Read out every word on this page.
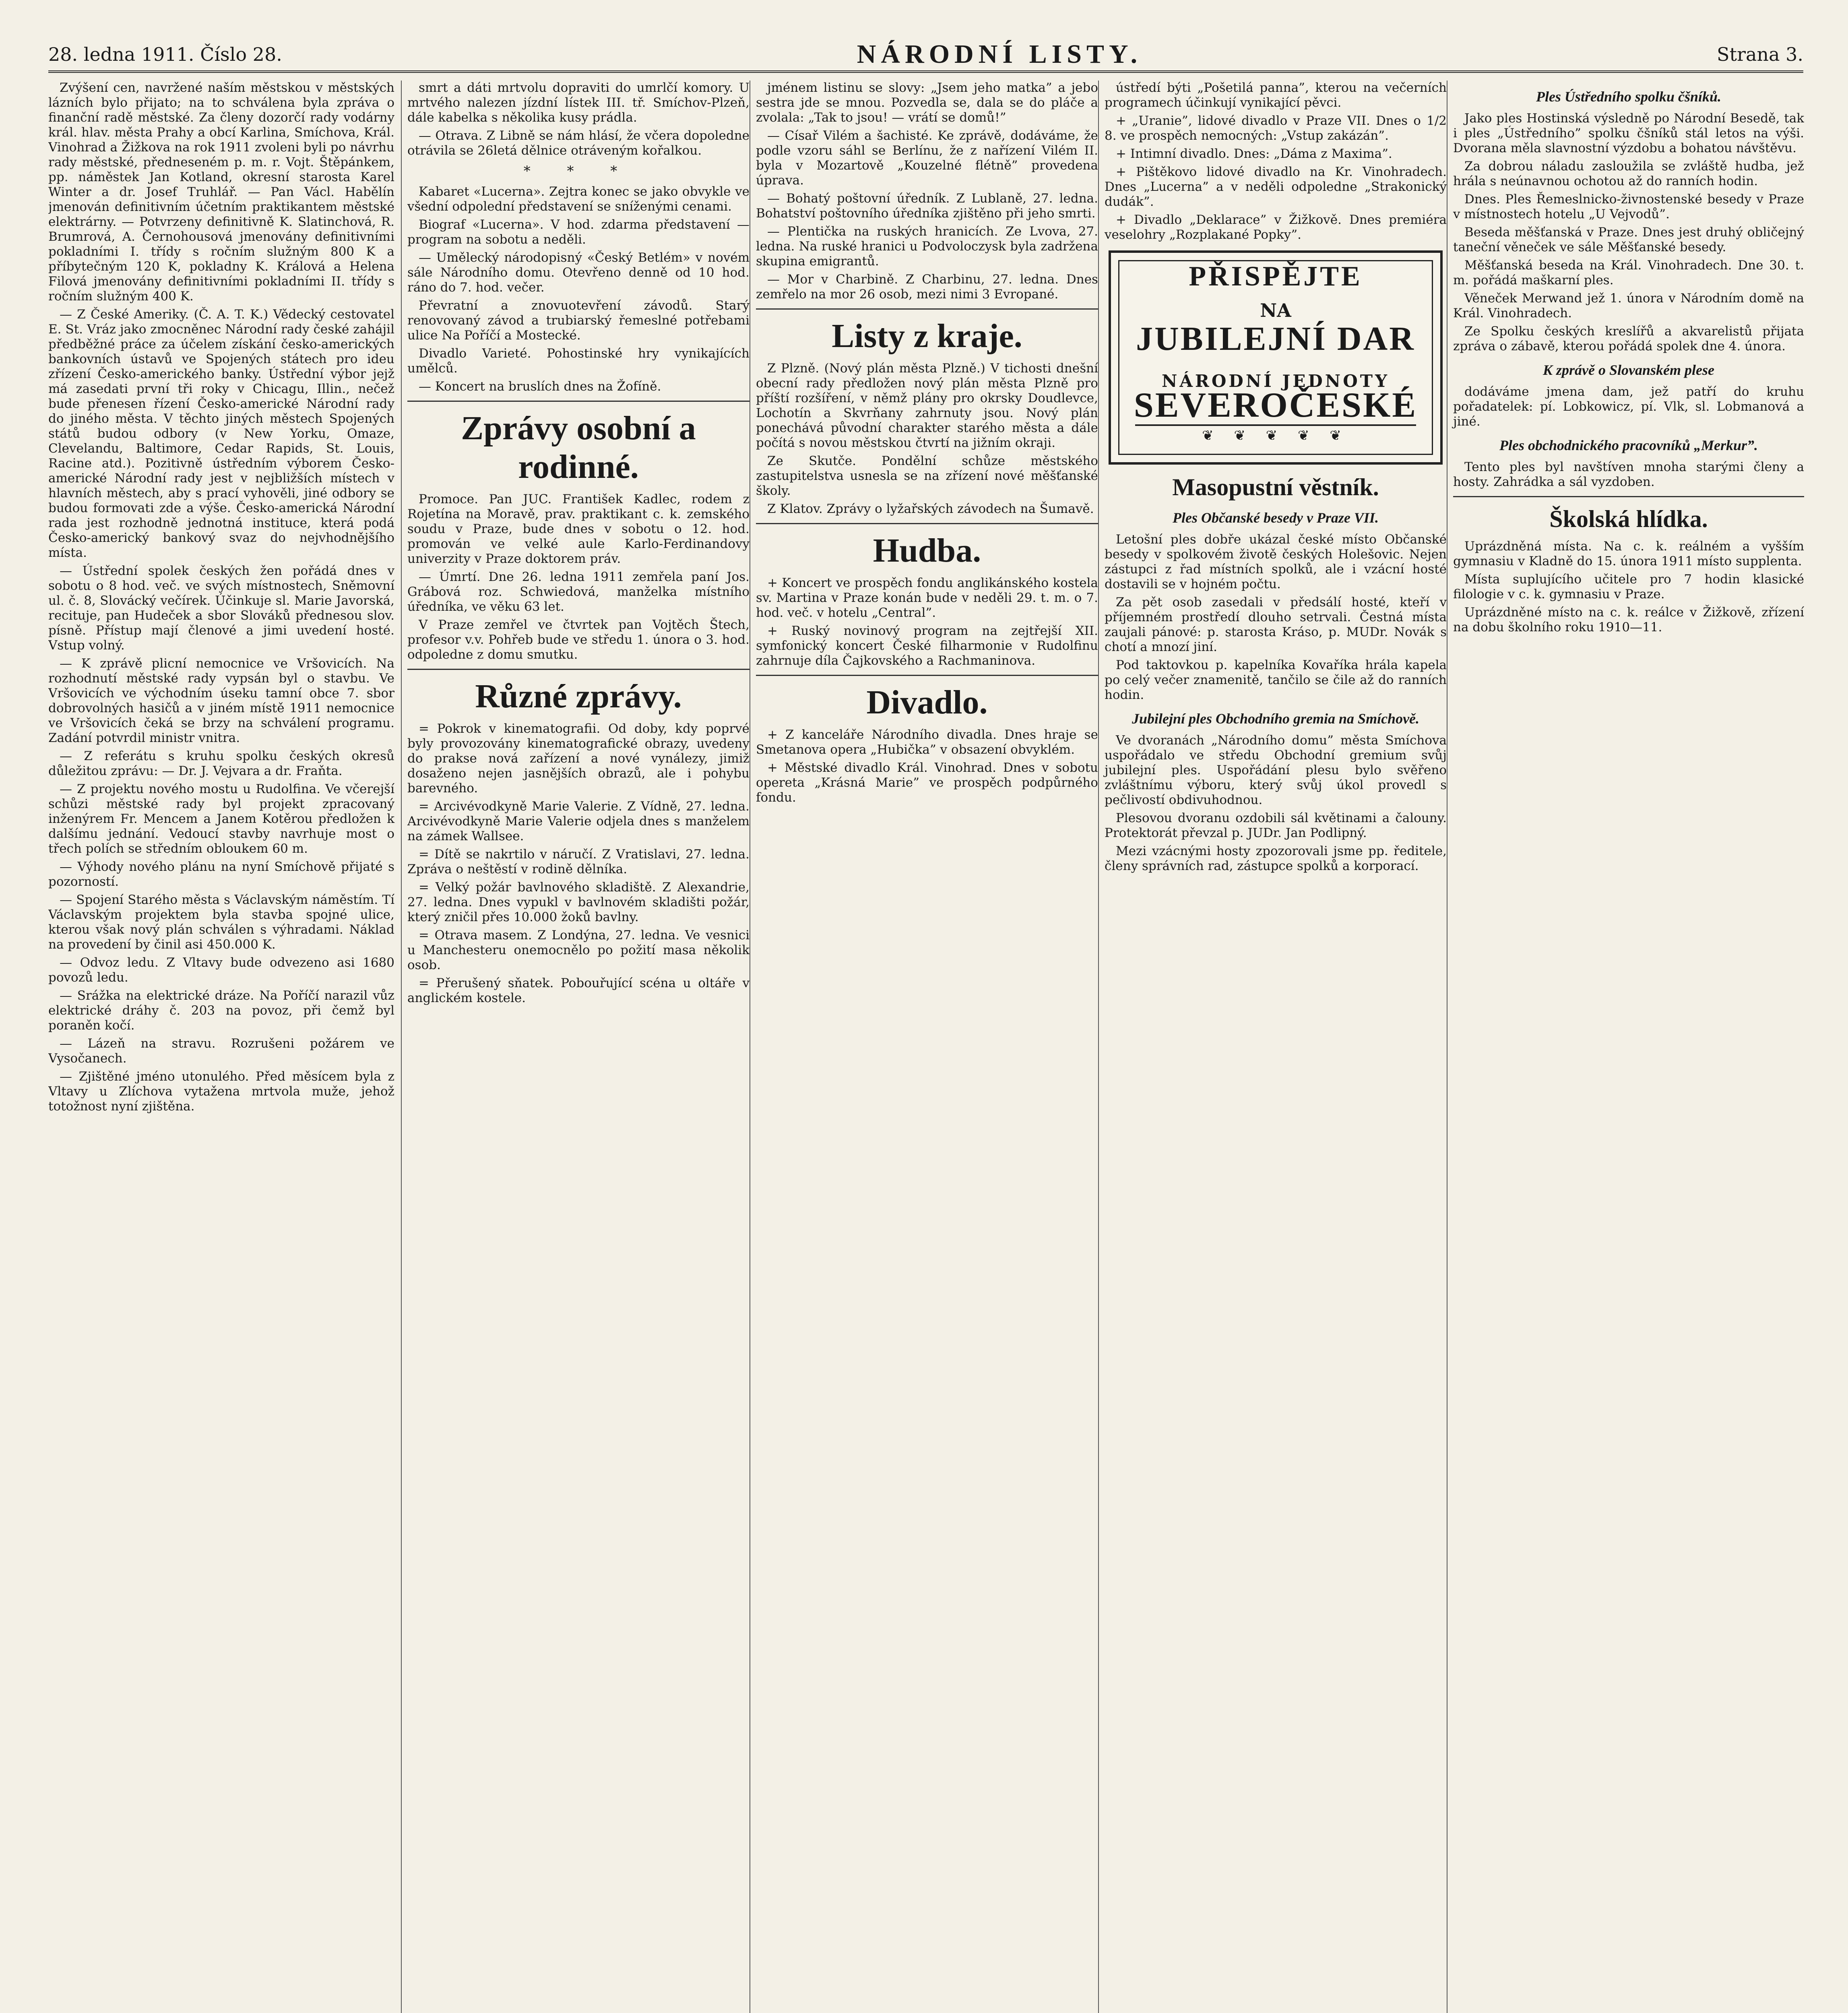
28. ledna 1911. Číslo 28.	NÁRODNÍ LISTY.	Strana 3.

Zvýšení cen, navržené naším městskou v městských lázních bylo přijato; na to schválena byla zpráva o finanční radě městské. Za členy dozorčí rady vodárny král. hlav. města Prahy a obcí Karlina, Smíchova, Král. Vinohrad a Žižkova na rok 1911 zvoleni byli po návrhu rady městské, předneseném p. m. r. Vojt. Štěpánkem, pp. náměstek Jan Kotland, okresní starosta Karel Winter a dr. Josef Truhlář. — Pan Václ. Habělín jmenován definitivním účetním praktikantem městské elektrárny. — Potvrzeny definitivně K. Slatinchová, R. Brumrová, A. Černohousová jmenovány definitivními pokladními I. třídy s ročním služným 800 K a příbytečným 120 K, pokladny K. Králová a Helena Filová jmenovány definitivními pokladními II. třídy s ročním služným 400 K.

— Z České Ameriky. (Č. A. T. K.) Vědecký cestovatel E. St. Vráz jako zmocněnec Národní rady české zahájil předběžné práce za účelem získání česko-amerických bankovních ústavů ve Spojených státech pro ideu zřízení Česko-amerického banky. Ústřední výbor jejž má zasedati první tři roky v Chicagu, Illin., nečež bude přenesen řízení Česko-americké Národní rady do jiného města. V těchto jiných městech Spojených států budou odbory (v New Yorku, Omaze, Clevelandu, Baltimore, Cedar Rapids, St. Louis, Racine atd.). Pozitivně ústředním výborem Česko-americké Národní rady jest v nejbližších místech v hlavních městech, aby s prací vyhověli, jiné odbory se budou formovati zde a výše. Česko-americká Národní rada jest rozhodně jednotná instituce, která podá Česko-americký bankový svaz do nejvhodnějšího místa.

— Ústřední spolek českých žen pořádá dnes v sobotu o 8 hod. več. ve svých místnostech, Sněmovní ul. č. 8, Slovácký večírek. Účinkuje sl. Marie Javorská, recituje, pan Hudeček a sbor Slováků přednesou slov. písně. Přístup mají členové a jimi uvedení hosté. Vstup volný.

— K zprávě plicní nemocnice ve Vršovicích. Na rozhodnutí městské rady vypsán byl o stavbu. Ve Vršovicích ve východním úseku tamní obce 7. sbor dobrovolných hasičů a v jiném místě 1911 nemocnice ve Vršovicích čeká se brzy na schválení programu. Zadání potvrdil ministr vnitra.

— Z referátu s kruhu spolku českých okresů důležitou zprávu: — Dr. J. Vejvara a dr. Fraňta.

— Z projektu nového mostu u Rudolfina. Ve včerejší schůzi městské rady byl projekt zpracovaný inženýrem Fr. Mencem a Janem Kotěrou předložen k dalšímu jednání. Vedoucí stavby navrhuje most o třech polích se středním obloukem 60 m.

— Výhody nového plánu na nyní Smíchově přijaté s pozorností.

— Spojení Starého města s Václavským náměstím. Tí Václavským projektem byla stavba spojné ulice, kterou však nový plán schválen s výhradami. Náklad na provedení by činil asi 450.000 K.

— Odvoz ledu. Z Vltavy bude odvezeno asi 1680 povozů ledu.

— Srážka na elektrické dráze. Na Poříčí narazil vůz elektrické dráhy č. 203 na povoz, při čemž byl poraněn kočí.

— Lázeň na stravu. Rozrušeni požárem ve Vysočanech.

— Zjištěné jméno utonulého. Před měsícem byla z Vltavy u Zlíchova vytažena mrtvola muže, jehož totožnost nyní zjištěna.

smrt a dáti mrtvolu dopraviti do umrlčí komory. U mrtvého nalezen jízdní lístek III. tř. Smíchov-Plzeň, dále kabelka s několika kusy prádla.

— Otrava. Z Libně se nám hlásí, že včera dopoledne otrávila se 26letá dělnice otráveným kořalkou.

* * *

Kabaret «Lucerna». Zejtra konec se jako obvykle ve všední odpolední představení se sníženými cenami.

Biograf «Lucerna». V hod. zdarma představení — program na sobotu a neděli.

— Umělecký národopisný «Český Betlém» v novém sále Národního domu. Otevřeno denně od 10 hod. ráno do 7. hod. večer.

Převratní a znovuotevření závodů. Starý renovovaný závod a trubiarský řemeslné potřebami ulice Na Poříčí a Mostecké.

Divadlo Varieté. Pohostinské hry vynikajících umělců.

— Koncert na bruslích dnes na Žofíně.

Zprávy osobní a rodinné.

Promoce. Pan JUC. František Kadlec, rodem z Rojetína na Moravě, prav. praktikant c. k. zemského soudu v Praze, bude dnes v sobotu o 12. hod. promován ve velké aule Karlo-Ferdinandovy univerzity v Praze doktorem práv.

— Úmrtí. Dne 26. ledna 1911 zemřela paní Jos. Grábová roz. Schwiedová, manželka místního úředníka, ve věku 63 let.

V Praze zemřel ve čtvrtek pan Vojtěch Štech, profesor v.v. Pohřeb bude ve středu 1. února o 3. hod. odpoledne z domu smutku.

Různé zprávy.

= Pokrok v kinematografii. Od doby, kdy poprvé byly provozovány kinematografické obrazy, uvedeny do prakse nová zařízení a nové vynálezy, jimiž dosaženo nejen jasnějších obrazů, ale i pohybu barevného.

= Arcivévodkyně Marie Valerie. Z Vídně, 27. ledna. Arcivévodkyně Marie Valerie odjela dnes s manželem na zámek Wallsee.

= Dítě se nakrtilo v náručí. Z Vratislavi, 27. ledna. Zpráva o neštěstí v rodině dělníka.

= Velký požár bavlnového skladiště. Z Alexandrie, 27. ledna. Dnes vypukl v bavlnovém skladišti požár, který zničil přes 10.000 žoků bavlny.

= Otrava masem. Z Londýna, 27. ledna. Ve vesnici u Manchesteru onemocnělo po požití masa několik osob.

= Přerušený sňatek. Pobouřující scéna u oltáře v anglickém kostele.

jménem listinu se slovy: „Jsem jeho matka” a jebo sestra jde se mnou. Pozvedla se, dala se do pláče a zvolala: „Tak to jsou! — vrátí se domů!”

— Císař Vilém a šachisté. Ke zprávě, dodáváme, že podle vzoru sáhl se Berlínu, že z nařízení Vilém II. byla v Mozartově „Kouzelné flétně” provedena úprava.

— Bohatý poštovní úředník. Z Lublaně, 27. ledna. Bohatství poštovního úředníka zjištěno při jeho smrti.

— Plentička na ruských hranicích. Ze Lvova, 27. ledna. Na ruské hranici u Podvoloczysk byla zadržena skupina emigrantů.

— Mor v Charbině. Z Charbinu, 27. ledna. Dnes zemřelo na mor 26 osob, mezi nimi 3 Evropané.

Listy z kraje.

Z Plzně. (Nový plán města Plzně.) V tichosti dnešní obecní rady předložen nový plán města Plzně pro příští rozšíření, v němž plány pro okrsky Doudlevce, Lochotín a Skvrňany zahrnuty jsou. Nový plán ponechává původní charakter starého města a dále počítá s novou městskou čtvrtí na jižním okraji.

Ze Skutče. Pondělní schůze městského zastupitelstva usnesla se na zřízení nové měšťanské školy.

Z Klatov. Zprávy o lyžařských závodech na Šumavě.

Hudba.

+ Koncert ve prospěch fondu anglikánského kostela sv. Martina v Praze konán bude v neděli 29. t. m. o 7. hod. več. v hotelu „Central”.

+ Ruský novinový program na zejtřejší XII. symfonický koncert České filharmonie v Rudolfinu zahrnuje díla Čajkovského a Rachmaninova.

Divadlo.

+ Z kanceláře Národního divadla. Dnes hraje se Smetanova opera „Hubička” v obsazení obvyklém.

+ Městské divadlo Král. Vinohrad. Dnes v sobotu opereta „Krásná Marie” ve prospěch podpůrného fondu.

ústředí býti „Pošetilá panna”, kterou na večerních programech účinkují vynikající pěvci.

+ „Uranie”, lidové divadlo v Praze VII. Dnes o 1/2 8. ve prospěch nemocných: „Vstup zakázán”.

+ Intimní divadlo. Dnes: „Dáma z Maxima”.

+ Pištěkovo lidové divadlo na Kr. Vinohradech. Dnes „Lucerna” a v neděli odpoledne „Strakonický dudák”.

+ Divadlo „Deklarace” v Žižkově. Dnes premiéra veselohry „Rozplakané Popky”.

PŘISPĚJTE
NA
JUBILEJNÍ DAR
NÁRODNÍ JEDNOTY
SEVEROČESKÉ
❦ ❦ ❦ ❦ ❦
Masopustní věstník.
Ples Občanské besedy v Praze VII.

Letošní ples dobře ukázal české místo Občanské besedy v spolkovém životě českých Holešovic. Nejen zástupci z řad místních spolků, ale i vzácní hosté dostavili se v hojném počtu.

Za pět osob zasedali v předsálí hosté, kteří v příjemném prostředí dlouho setrvali. Čestná místa zaujali pánové: p. starosta Kráso, p. MUDr. Novák s chotí a mnozí jiní.

Pod taktovkou p. kapelníka Kovaříka hrála kapela po celý večer znamenitě, tančilo se čile až do ranních hodin.

Jubilejní ples Obchodního gremia na Smíchově.

Ve dvoranách „Národního domu” města Smíchova uspořádalo ve středu Obchodní gremium svůj jubilejní ples. Uspořádání plesu bylo svěřeno zvláštnímu výboru, který svůj úkol provedl s pečlivostí obdivuhodnou.

Plesovou dvoranu ozdobili sál květinami a čalouny. Protektorát převzal p. JUDr. Jan Podlipný.

Mezi vzácnými hosty zpozorovali jsme pp. ředitele, členy správních rad, zástupce spolků a korporací.

Ples Ústředního spolku čšníků.

Jako ples Hostinská výsledně po Národní Besedě, tak i ples „Ústředního” spolku čšníků stál letos na výši. Dvorana měla slavnostní výzdobu a bohatou návštěvu.

Za dobrou náladu zasloužila se zvláště hudba, jež hrála s neúnavnou ochotou až do ranních hodin.

Dnes. Ples Řemeslnicko-živnostenské besedy v Praze v místnostech hotelu „U Vejvodů”.

Beseda měšťanská v Praze. Dnes jest druhý obličejný taneční věneček ve sále Měšťanské besedy.

Měšťanská beseda na Král. Vinohradech. Dne 30. t. m. pořádá maškarní ples.

Věneček Merwand jež 1. února v Národním domě na Král. Vinohradech.

Ze Spolku českých kreslířů a akvarelistů přijata zpráva o zábavě, kterou pořádá spolek dne 4. února.

K zprávě o Slovanském plese

dodáváme jmena dam, jež patří do kruhu pořadatelek: pí. Lobkowicz, pí. Vlk, sl. Lobmanová a jiné.

Ples obchodnického pracovníků „Merkur”.

Tento ples byl navštíven mnoha starými členy a hosty. Zahrádka a sál vyzdoben.

Školská hlídka.

Uprázdněná místa. Na c. k. reálném a vyšším gymnasiu v Kladně do 15. února 1911 místo supplenta.

Místa suplujícího učitele pro 7 hodin klasické filologie v c. k. gymnasiu v Praze.

Uprázdněné místo na c. k. reálce v Žižkově, zřízení na dobu školního roku 1910—11.
